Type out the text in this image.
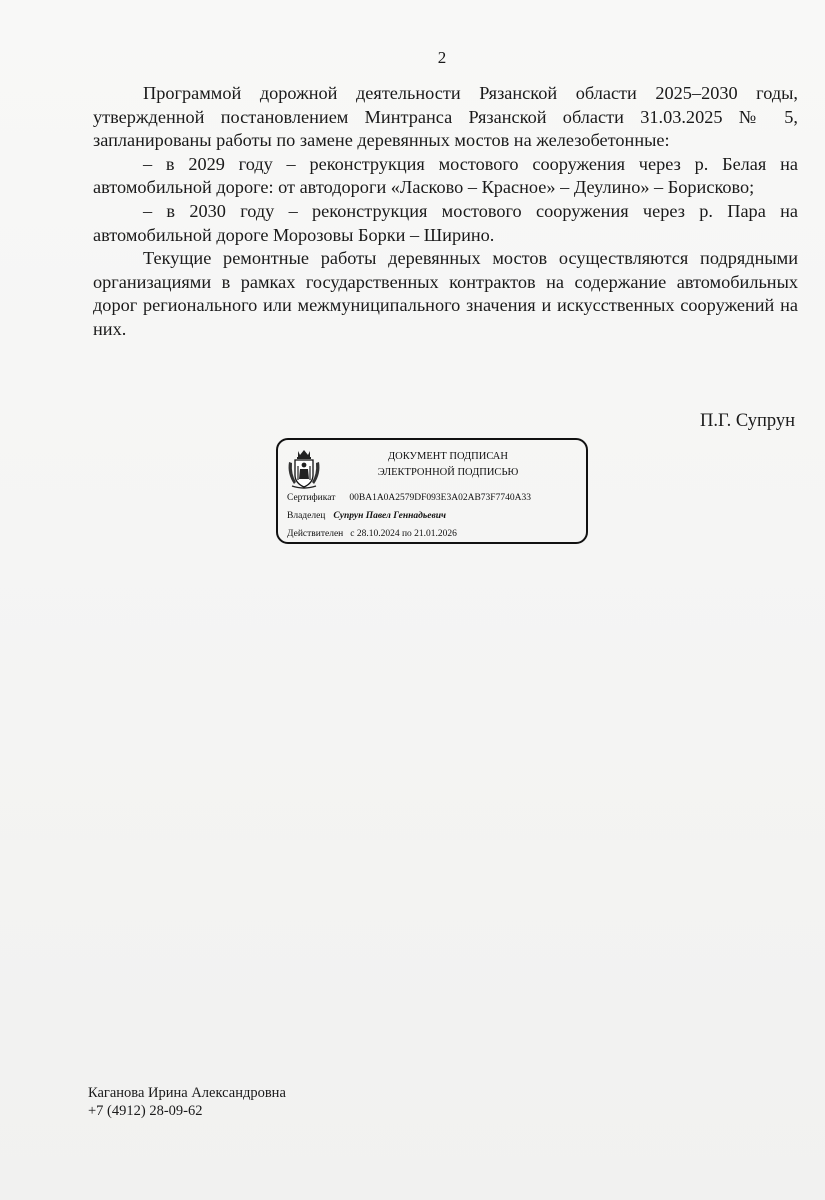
2

Программой дорожной деятельности Рязанской области 2025–2030 годы, утвержденной постановлением Минтранса Рязанской области 31.03.2025 № 5, запланированы работы по замене деревянных мостов на железобетонные:

– в 2029 году – реконструкция мостового сооружения через р. Белая на автомобильной дороге: от автодороги «Ласково – Красное» – Деулино» – Борисково;

– в 2030 году – реконструкция мостового сооружения через р. Пара на автомобильной дороге Морозовы Борки – Ширино.

Текущие ремонтные работы деревянных мостов осуществляются подрядными организациями в рамках государственных контрактов на содержание автомобильных дорог регионального или межмуниципального значения и искусственных сооружений на них.

П.Г. Супрун
ДОКУМЕНТ ПОДПИСАН
ЭЛЕКТРОННОЙ ПОДПИСЬЮ
Сертификат 00BA1A0A2579DF093E3A02AB73F7740A33
Владелец Супрун Павел Геннадьевич
Действителен с 28.10.2024 по 21.01.2026
Каганова Ирина Александровна
+7 (4912) 28-09-62
